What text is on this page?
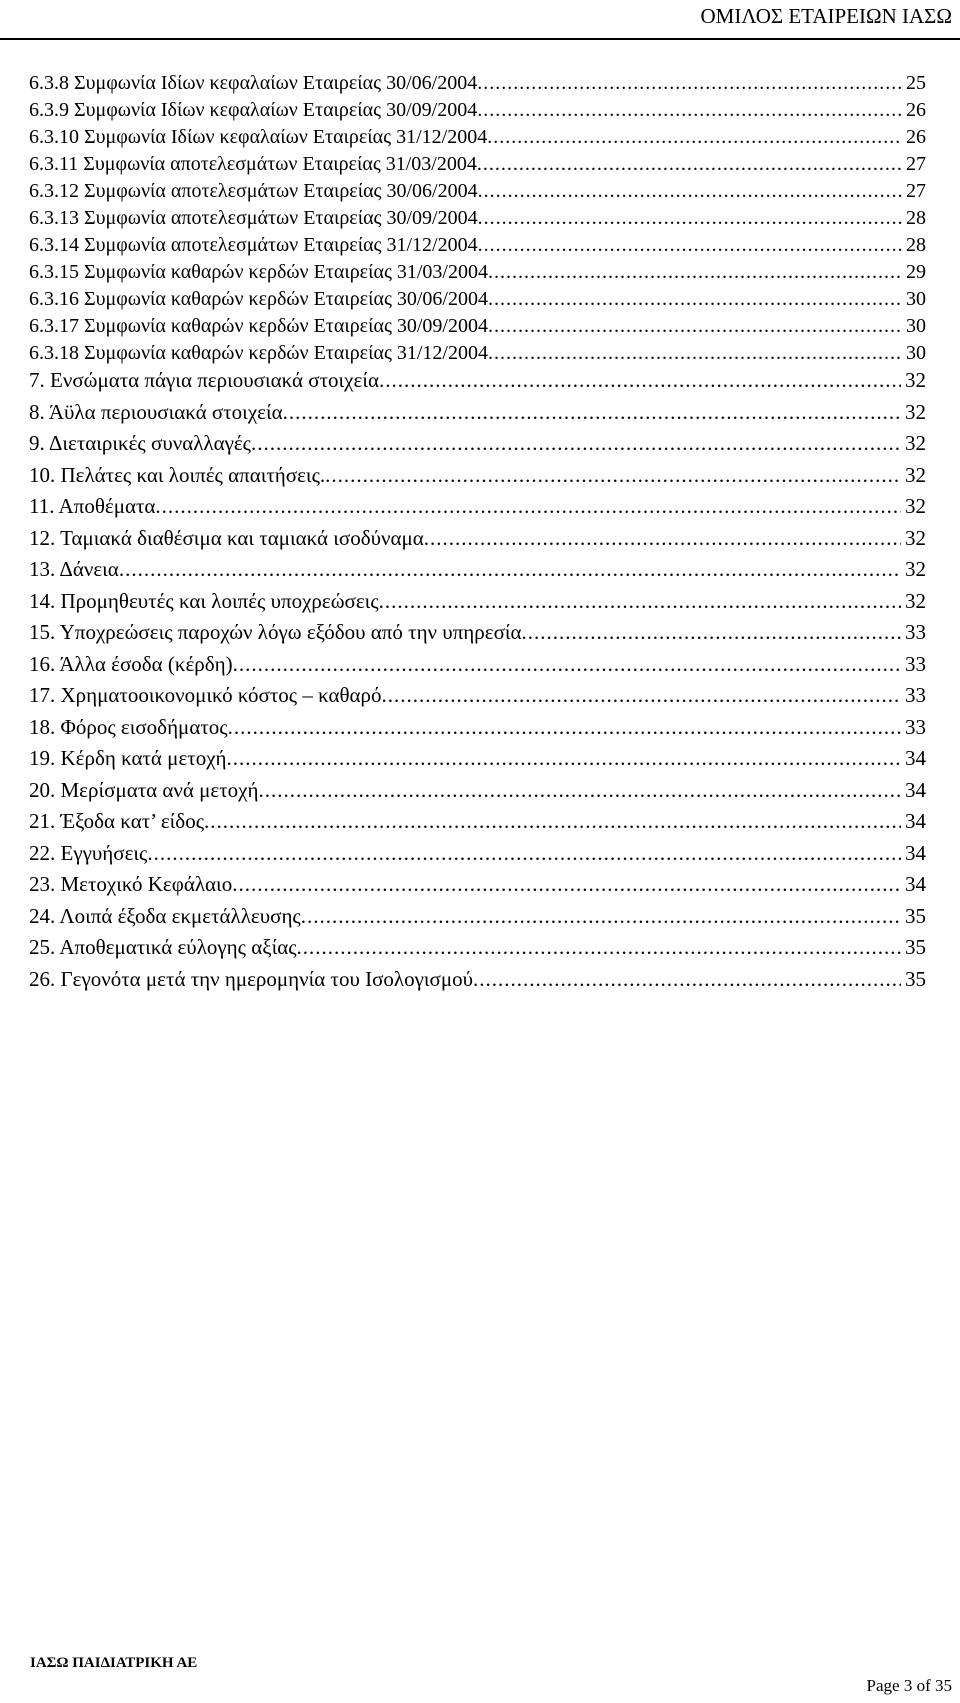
ΟΜΙΛΟΣ ΕΤΑΙΡΕΙΩΝ ΙΑΣΩ
6.3.8 Συμφωνία Ιδίων κεφαλαίων Εταιρείας 30/06/2004 .....	25
6.3.9 Συμφωνία Ιδίων κεφαλαίων Εταιρείας 30/09/2004 .....	26
6.3.10 Συμφωνία Ιδίων κεφαλαίων Εταιρείας 31/12/2004 .....	26
6.3.11 Συμφωνία αποτελεσμάτων Εταιρείας 31/03/2004 .....	27
6.3.12 Συμφωνία αποτελεσμάτων Εταιρείας 30/06/2004 .....	27
6.3.13 Συμφωνία αποτελεσμάτων Εταιρείας 30/09/2004 .....	28
6.3.14 Συμφωνία αποτελεσμάτων Εταιρείας 31/12/2004 .....	28
6.3.15 Συμφωνία καθαρών κερδών Εταιρείας 31/03/2004 .....	29
6.3.16 Συμφωνία καθαρών κερδών Εταιρείας 30/06/2004 .....	30
6.3.17 Συμφωνία καθαρών κερδών Εταιρείας 30/09/2004 .....	30
6.3.18 Συμφωνία καθαρών κερδών Εταιρείας 31/12/2004 .....	30
7. Ενσώματα πάγια περιουσιακά στοιχεία .....	32
8. Άϋλα περιουσιακά στοιχεία .....	32
9. Διεταιρικές συναλλαγές .....	32
10. Πελάτες και λοιπές απαιτήσεις. .....	32
11. Αποθέματα .....	32
12. Ταμιακά διαθέσιμα και ταμιακά ισοδύναμα .....	32
13. Δάνεια .....	32
14. Προμηθευτές και λοιπές υποχρεώσεις .....	32
15. Υποχρεώσεις παροχών λόγω εξόδου από την υπηρεσία .....	33
16. Άλλα έσοδα (κέρδη) .....	33
17. Χρηματοοικονομικό κόστος – καθαρό .....	33
18. Φόρος εισοδήματος .....	33
19. Κέρδη κατά μετοχή .....	34
20. Μερίσματα ανά μετοχή .....	34
21. Έξοδα κατ’ είδος .....	34
22. Εγγυήσεις .....	34
23. Μετοχικό Κεφάλαιο .....	34
24. Λοιπά έξοδα εκμετάλλευσης .....	35
25. Αποθεματικά εύλογης αξίας .....	35
26. Γεγονότα μετά την ημερομηνία του Ισολογισμού .....	35
ΙΑΣΩ ΠΑΙΔΙΑΤΡΙΚΗ ΑΕ
Page 3 of 35
